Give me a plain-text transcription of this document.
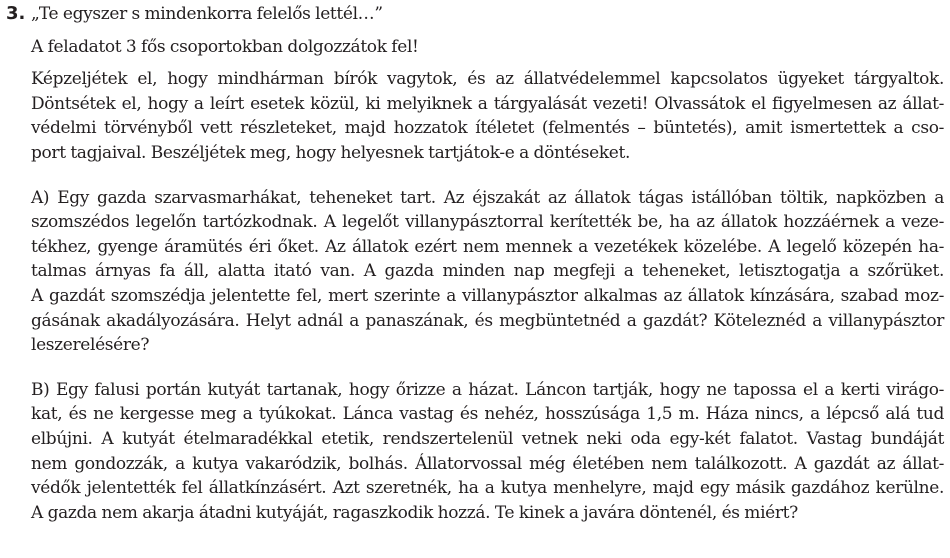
3. „Te egyszer s mindenkorra felelős lettél…”
A feladatot 3 fős csoportokban dolgozzátok fel!
Képzeljétek el, hogy mindhárman bírók vagytok, és az állatvédelemmel kapcsolatos ügyeket tárgyaltok.
Döntsétek el, hogy a leírt esetek közül, ki melyiknek a tárgyalását vezeti! Olvassátok el figyelmesen az állat-
védelmi törvényből vett részleteket, majd hozzatok ítéletet (felmentés – büntetés), amit ismertettek a cso-
port tagjaival. Beszéljétek meg, hogy helyesnek tartjátok-e a döntéseket.
A) Egy gazda szarvasmarhákat, teheneket tart. Az éjszakát az állatok tágas istállóban töltik, napközben a
szomszédos legelőn tartózkodnak. A legelőt villanypásztorral kerítették be, ha az állatok hozzáérnek a veze-
tékhez, gyenge áramütés éri őket. Az állatok ezért nem mennek a vezetékek közelébe. A legelő közepén ha-
talmas árnyas fa áll, alatta itató van. A gazda minden nap megfeji a teheneket, letisztogatja a szőrüket.
A gazdát szomszédja jelentette fel, mert szerinte a villanypásztor alkalmas az állatok kínzására, szabad moz-
gásának akadályozására. Helyt adnál a panaszának, és megbüntetnéd a gazdát? Köteleznéd a villanypásztor
leszerelésére?
B) Egy falusi portán kutyát tartanak, hogy őrizze a házat. Láncon tartják, hogy ne tapossa el a kerti virágo-
kat, és ne kergesse meg a tyúkokat. Lánca vastag és nehéz, hosszúsága 1,5 m. Háza nincs, a lépcső alá tud
elbújni. A kutyát ételmaradékkal etetik, rendszertelenül vetnek neki oda egy-két falatot. Vastag bundáját
nem gondozzák, a kutya vakaródzik, bolhás. Állatorvossal még életében nem találkozott. A gazdát az állat-
védők jelentették fel állatkínzásért. Azt szeretnék, ha a kutya menhelyre, majd egy másik gazdához kerülne.
A gazda nem akarja átadni kutyáját, ragaszkodik hozzá. Te kinek a javára döntenél, és miért?
